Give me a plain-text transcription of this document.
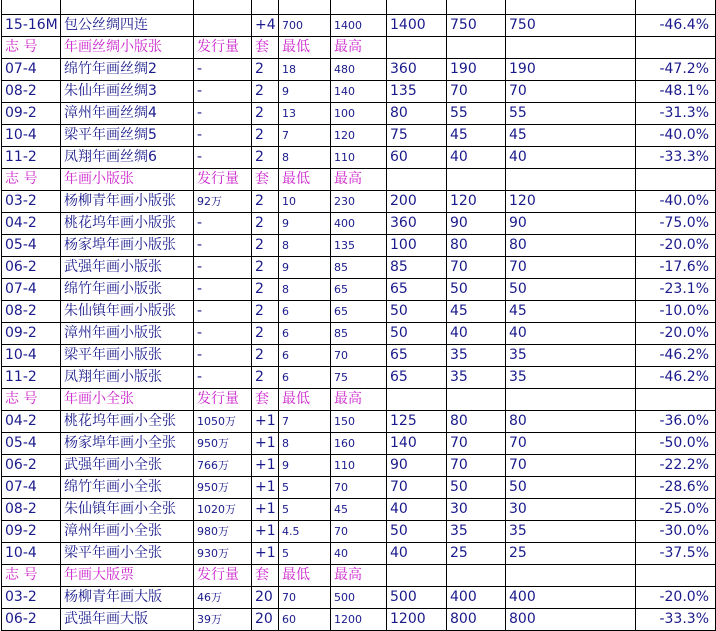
15-16M	包公丝绸四连		+4	700	1400	1400	750	750	-46.4%
志 号	年画丝绸小版张	发行量	套	最低	最高				
07-4	绵竹年画丝绸2	-	2	18	480	360	190	190	-47.2%
08-2	朱仙年画丝绸3	-	2	9	140	135	70	70	-48.1%
09-2	漳州年画丝绸4	-	2	13	100	80	55	55	-31.3%
10-4	梁平年画丝绸5	-	2	7	120	75	45	45	-40.0%
11-2	凤翔年画丝绸6	-	2	8	110	60	40	40	-33.3%
志 号	年画小版张	发行量	套	最低	最高				
03-2	杨柳青年画小版张	92万	2	10	230	200	120	120	-40.0%
04-2	桃花坞年画小版张	-	2	9	400	360	90	90	-75.0%
05-4	杨家埠年画小版张	-	2	8	135	100	80	80	-20.0%
06-2	武强年画小版张	-	2	9	85	85	70	70	-17.6%
07-4	绵竹年画小版张	-	2	8	65	65	50	50	-23.1%
08-2	朱仙镇年画小版张	-	2	6	65	50	45	45	-10.0%
09-2	漳州年画小版张	-	2	6	85	50	40	40	-20.0%
10-4	梁平年画小版张	-	2	6	70	65	35	35	-46.2%
11-2	凤翔年画小版张	-	2	6	75	65	35	35	-46.2%
志 号	年画小全张	发行量	套	最低	最高				
04-2	桃花坞年画小全张	1050万	+1	7	150	125	80	80	-36.0%
05-4	杨家埠年画小全张	950万	+1	8	160	140	70	70	-50.0%
06-2	武强年画小全张	766万	+1	9	110	90	70	70	-22.2%
07-4	绵竹年画小全张	950万	+1	5	70	70	50	50	-28.6%
08-2	朱仙镇年画小全张	1020万	+1	5	45	40	30	30	-25.0%
09-2	漳州年画小全张	980万	+1	4.5	70	50	35	35	-30.0%
10-4	梁平年画小全张	930万	+1	5	40	40	25	25	-37.5%
志 号	年画大版票	发行量	套	最低	最高				
03-2	杨柳青年画大版	46万	20	70	500	500	400	400	-20.0%
06-2	武强年画大版	39万	20	60	1200	1200	800	800	-33.3%
